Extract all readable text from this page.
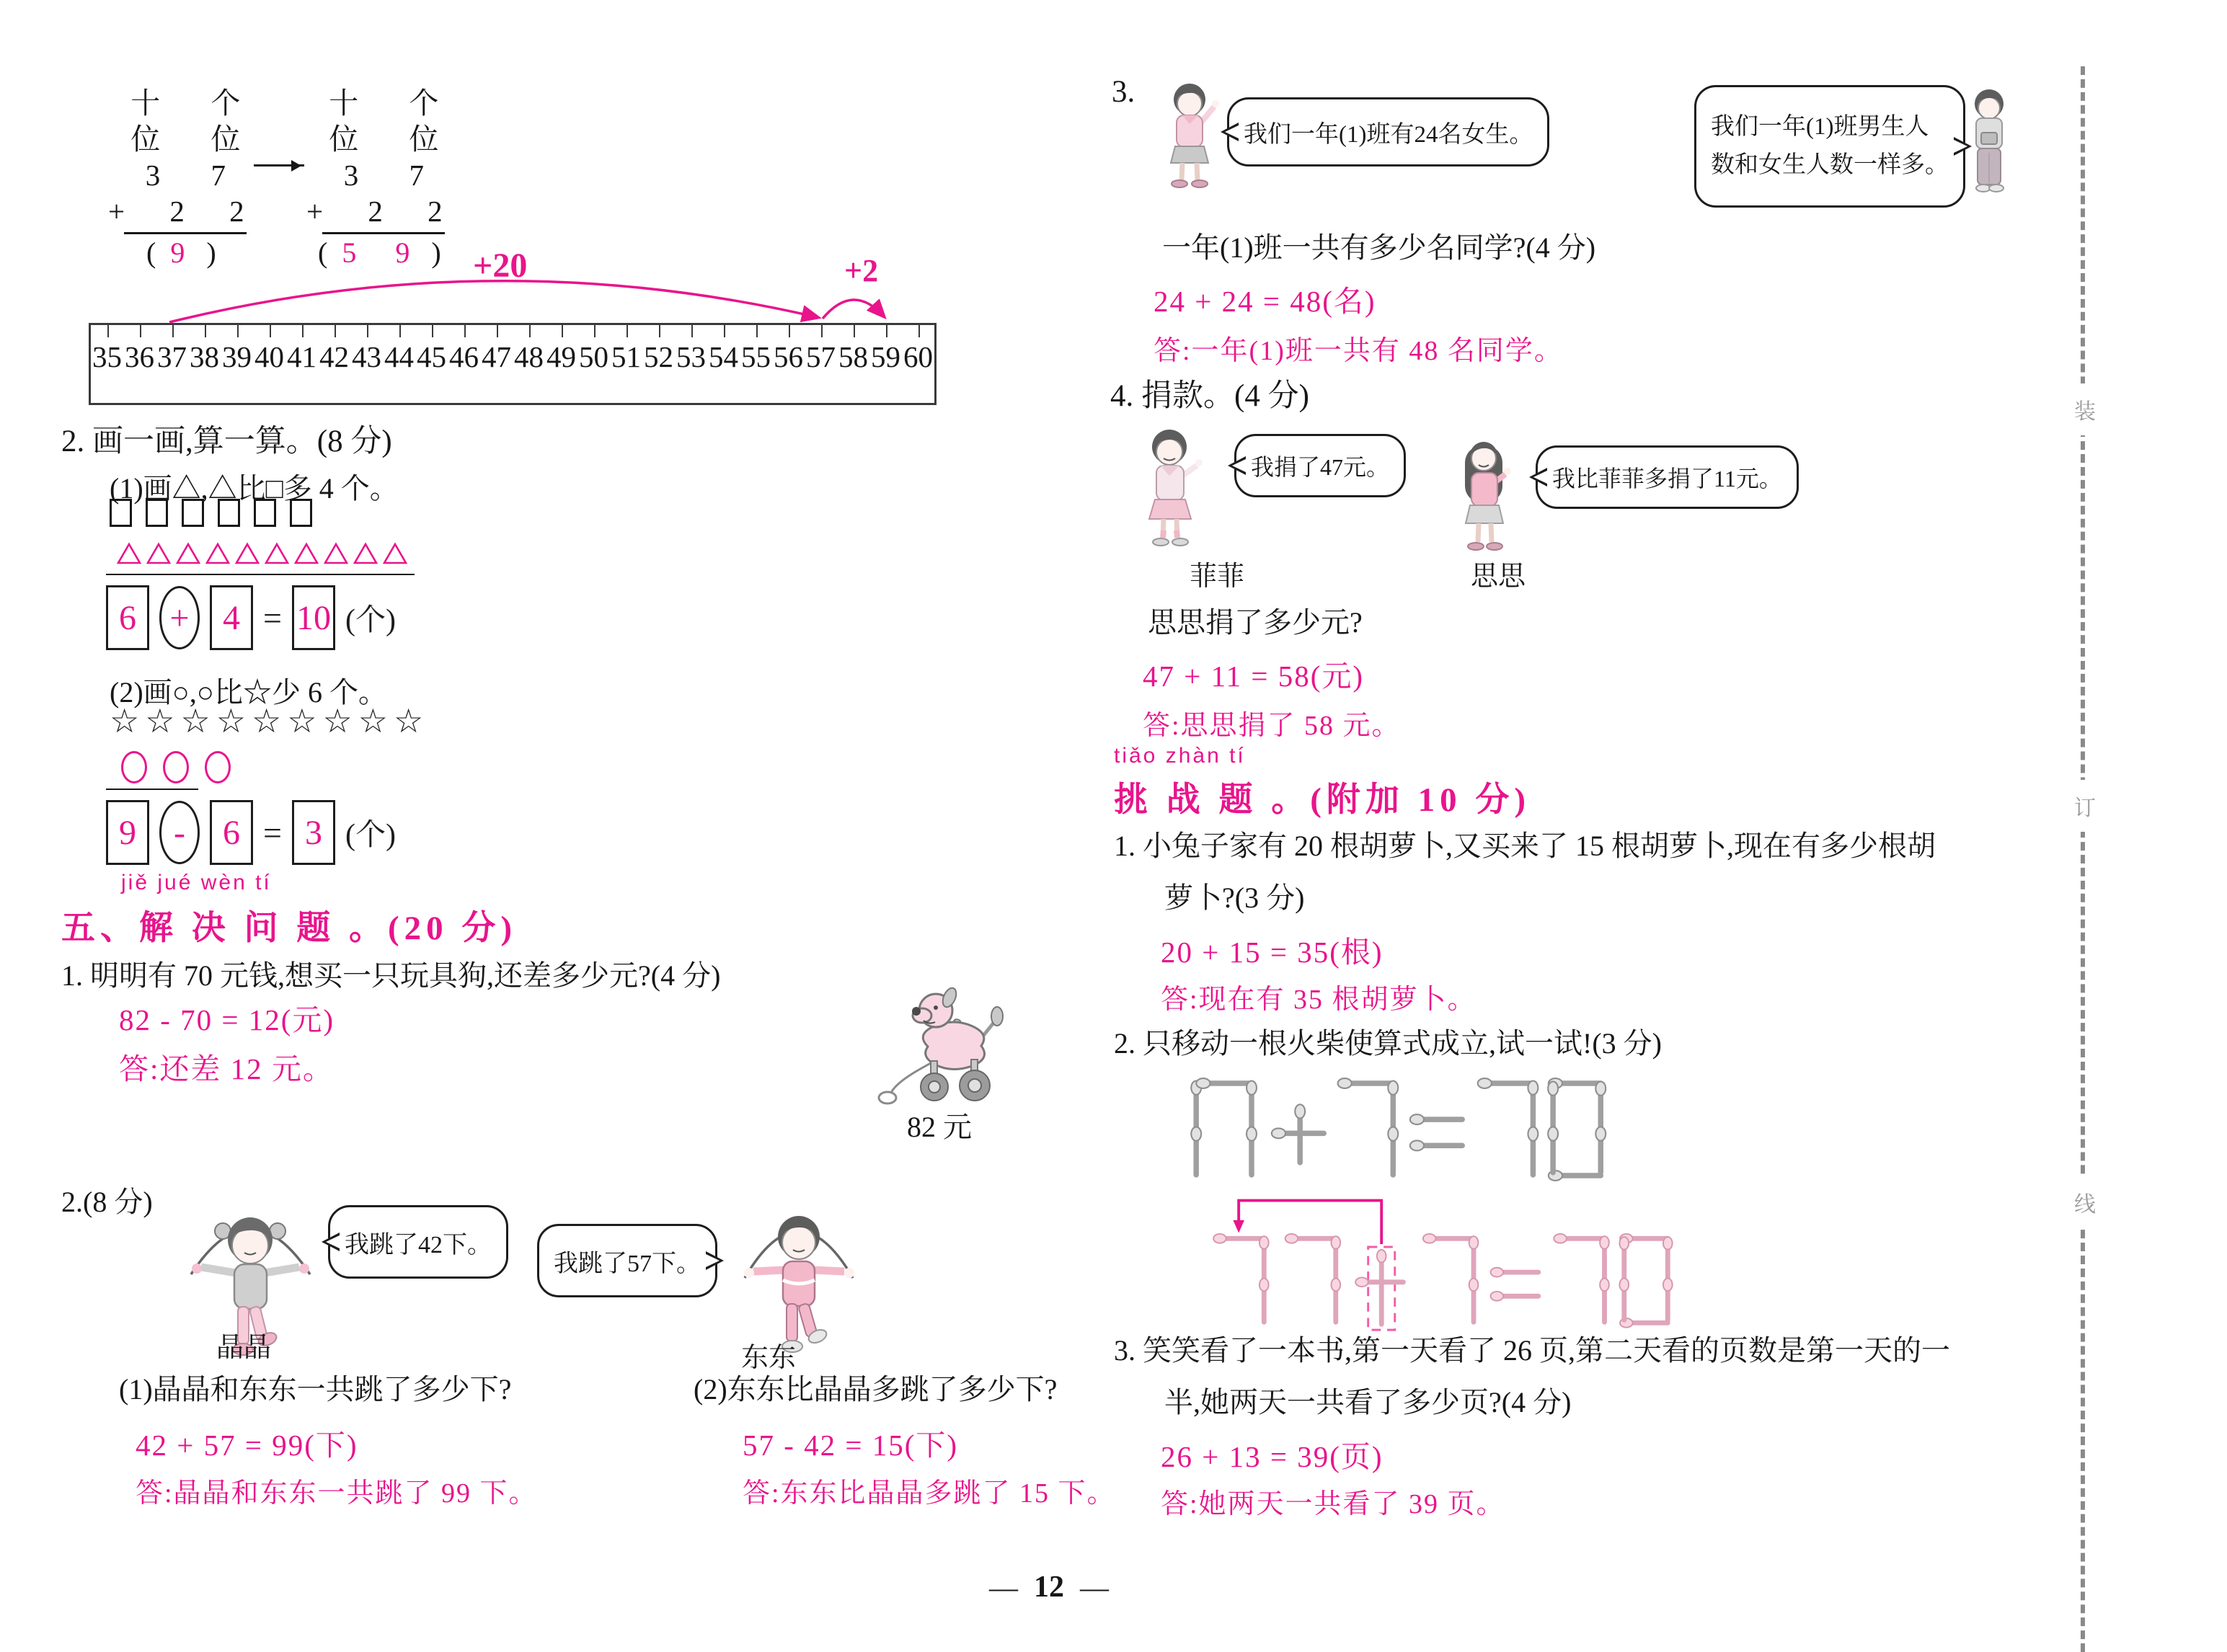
十 个
位 位
3 7
+ 2 2
( 9 )
十 个
位 位
3 7
+ 2 2
( 5 9 )
35 36 37 38 39 40 41 42 43 44 45 46 47 48 49 50 51 52 53 54 55 56 57 58 59 60
+20	+2
2. 画一画,算一算。(8 分)
(1)画△,△比□多 4 个。
6 + 4 = 10 (个)
(2)画○,○比☆少 6 个。
☆ ☆ ☆ ☆ ☆ ☆ ☆ ☆ ☆
9	-	6 = 3 (个)
jiě jué wèn tí
五、解 决 问 题 。(20 分)
1. 明明有 70 元钱,想买一只玩具狗,还差多少元?(4 分)
82 - 70 = 12(元)
答:还差 12 元。
82 元
2.(8 分)
我跳了42下。
我跳了57下。
晶晶	东东
(1)晶晶和东东一共跳了多少下?	(2)东东比晶晶多跳了多少下?
42 + 57 = 99(下)	57 - 42 = 15(下)
答:晶晶和东东一共跳了 99 下。	答:东东比晶晶多跳了 15 下。
3.
我们一年(1)班有24名女生。	我们一年(1)班男生人
数和女生人数一样多。
一年(1)班一共有多少名同学?(4 分)
24 + 24 = 48(名)
答:一年(1)班一共有 48 名同学。
4. 捐款。(4 分)
我捐了47元。	我比菲菲多捐了11元。
菲菲	思思
思思捐了多少元?
47 + 11 = 58(元)
答:思思捐了 58 元。
tiǎo zhàn tí
挑 战 题 。(附加 10 分)
1. 小兔子家有 20 根胡萝卜,又买来了 15 根胡萝卜,现在有多少根胡
萝卜?(3 分)
20 + 15 = 35(根)
答:现在有 35 根胡萝卜。
2. 只移动一根火柴使算式成立,试一试!(3 分)
3. 笑笑看了一本书,第一天看了 26 页,第二天看的页数是第一天的一
半,她两天一共看了多少页?(4 分)
26 + 13 = 39(页)
答:她两天一共看了 39 页。
装
订
线
— 12 —
